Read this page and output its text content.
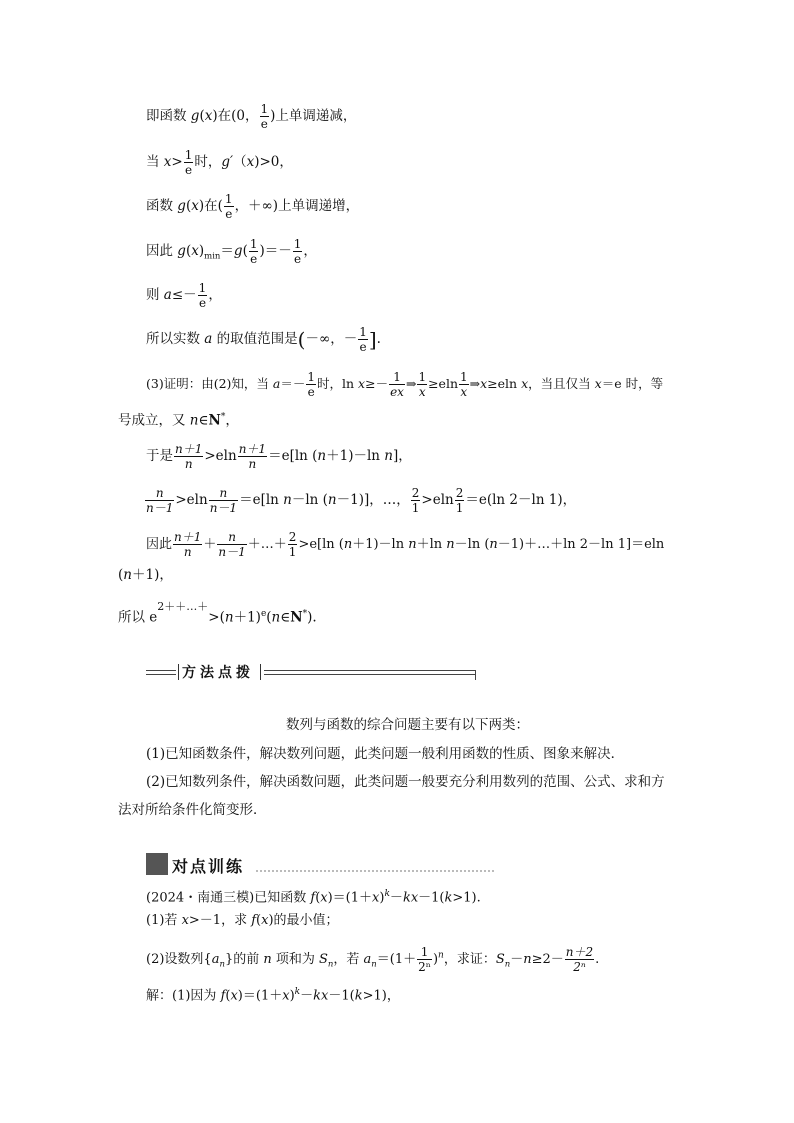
即函数 g(x)在(0， $\frac{1}{e}$ )上单调递减，
当 $x> \frac{1}{e}$ 时，g′（x)>0，
函数 g(x)在( $\frac{1}{e}$ ，＋∞)上单调递增，
因此 $g(x)_{min}=g( \frac{1}{e}$ )＝－ $\frac{1}{e}$ ，
则 $a\le- \frac{1}{e}$ ，
所以实数 a 的取值范围是(－∞，－ $\frac{1}{e}$ ].
(3)证明：由(2)知，当 $a=- \frac{1}{e}$ 时，$\ln x\ge- \frac{1}{ex}$ ⇒ $\frac{1}{x} \ge eln \frac{1}{x}$ ⇒x≥eln x，当且仅当 x＝e 时，等
号成立，又 n∈N*，
于是 $\frac{n+1}{n} >eln \frac{n+1}{n} =e[\ln$ (n＋1)－ln n]，
$\frac{n}{n-1} >eln \frac{n}{n-1} =e[\ln$ n－ln (n－1)]，…， $\frac{2}{1} >eln \frac{2}{1} =e(\ln$ 2－ln 1)，
因此 $\frac{n+1}{n} + \frac{n}{n-1}$ ＋…＋ $\frac{2}{1} >e[\ln$ (n＋1)－ln n＋ln n－ln (n－1)＋…＋ln 2－ln 1]＝eln
(n＋1)，
所以 $e^{2++\dots+}>(n+1)^e(n\in N^*)$.
方法点拨
数列与函数的综合问题主要有以下两类：
(1)已知函数条件，解决数列问题，此类问题一般利用函数的性质、图象来解决．
(2)已知数列条件，解决函数问题，此类问题一般要充分利用数列的范围、公式、求和方
法对所给条件化简变形．
对点训练
(2024・南通三模)已知函数 $f(x)=(1+x)^k-kx-1(k>1)$.
(1)若 x>－1，求 f(x)的最小值；
(2)设数列$\{a_n\}$的前 n 项和为 $S_n$，若 $a_n=(1+ \frac{1}{\text{2ⁿ}} )^n$，求证：$S_n-n\ge 2- \frac{n+2}{\text{2ⁿ}}$ .
解：(1)因为 $f(x)=(1+x)^k-kx-1(k>1)$，
